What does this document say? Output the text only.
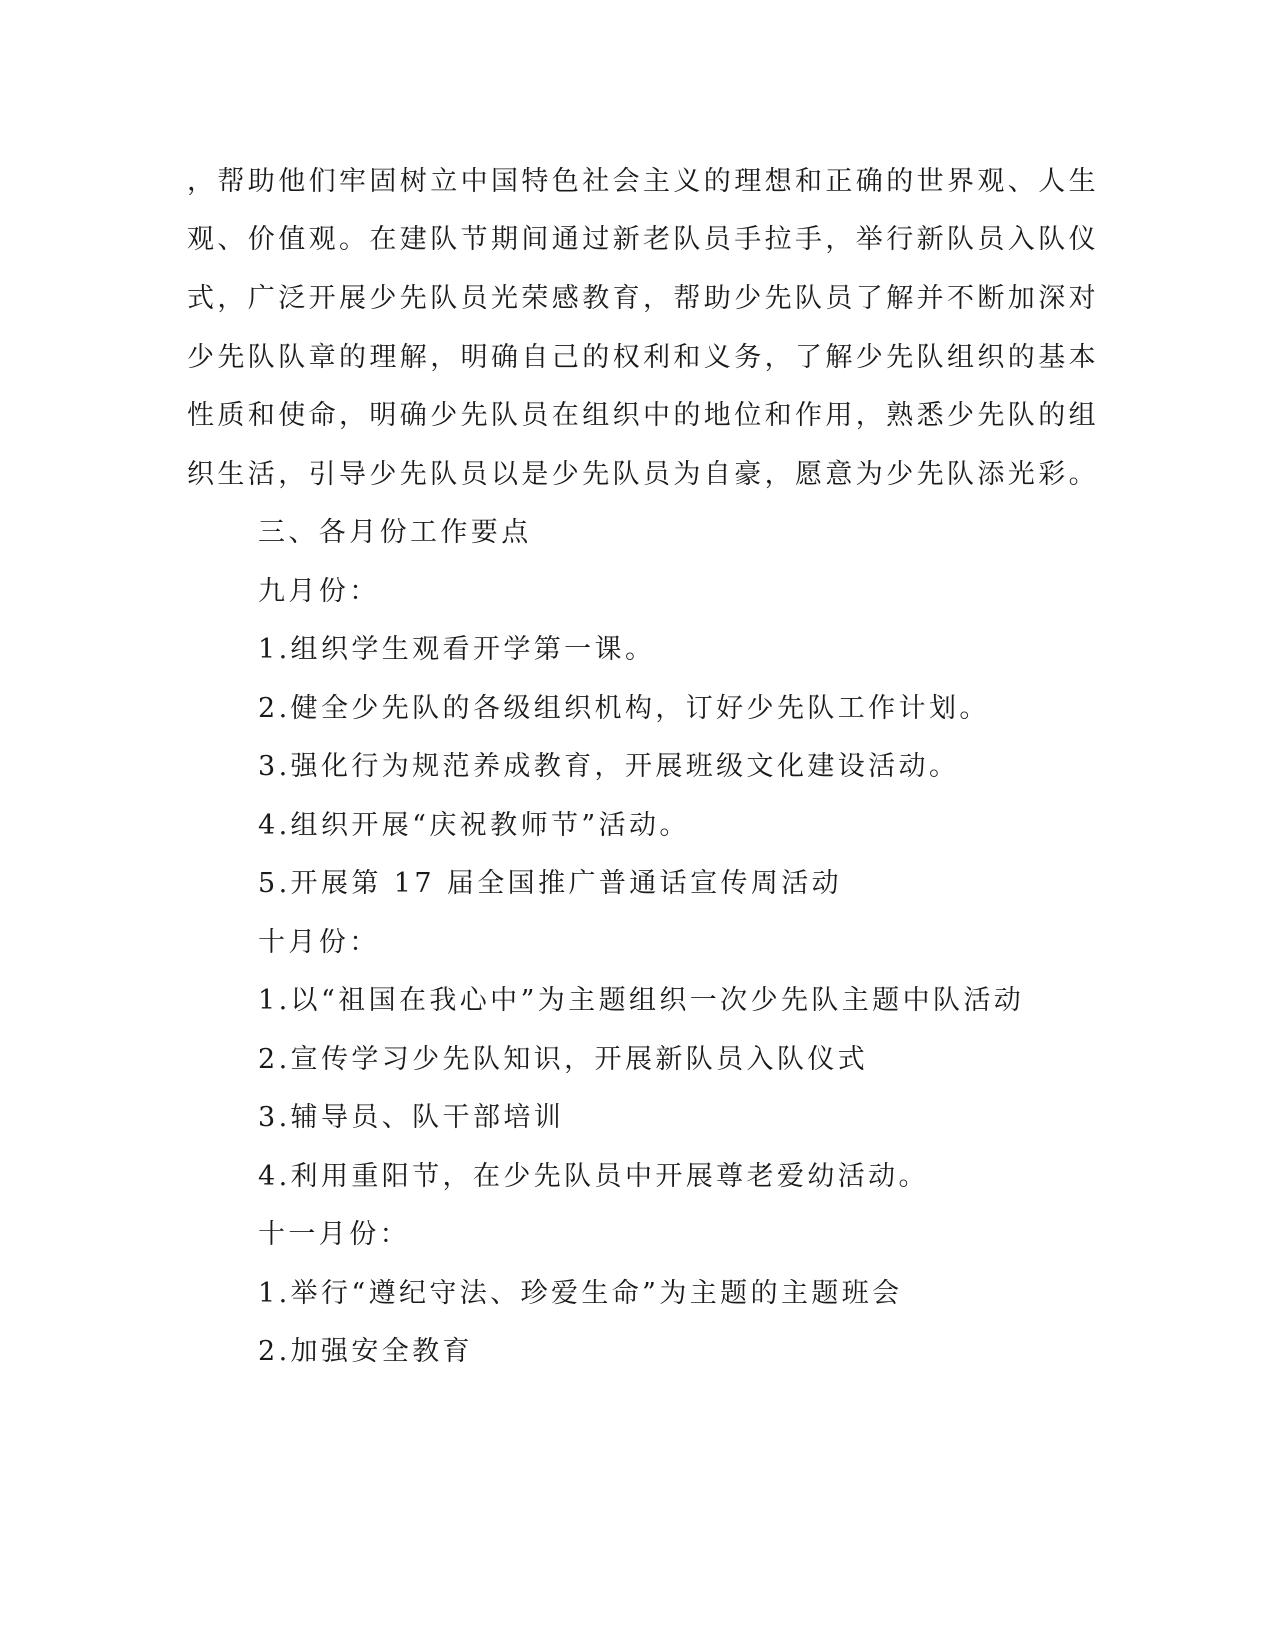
，帮助他们牢固树立中国特色社会主义的理想和正确的世界观、人生
观、价值观。在建队节期间通过新老队员手拉手，举行新队员入队仪
式，广泛开展少先队员光荣感教育，帮助少先队员了解并不断加深对
少先队队章的理解，明确自己的权利和义务，了解少先队组织的基本
性质和使命，明确少先队员在组织中的地位和作用，熟悉少先队的组
织生活，引导少先队员以是少先队员为自豪，愿意为少先队添光彩。
三、各月份工作要点
九月份：
1.组织学生观看开学第一课。
2.健全少先队的各级组织机构，订好少先队工作计划。
3.强化行为规范养成教育，开展班级文化建设活动。
4.组织开展“庆祝教师节”活动。
5.开展第 17 届全国推广普通话宣传周活动
十月份：
1.以“祖国在我心中”为主题组织一次少先队主题中队活动
2.宣传学习少先队知识，开展新队员入队仪式
3.辅导员、队干部培训
4.利用重阳节，在少先队员中开展尊老爱幼活动。
十一月份：
1.举行“遵纪守法、珍爱生命”为主题的主题班会
2.加强安全教育
